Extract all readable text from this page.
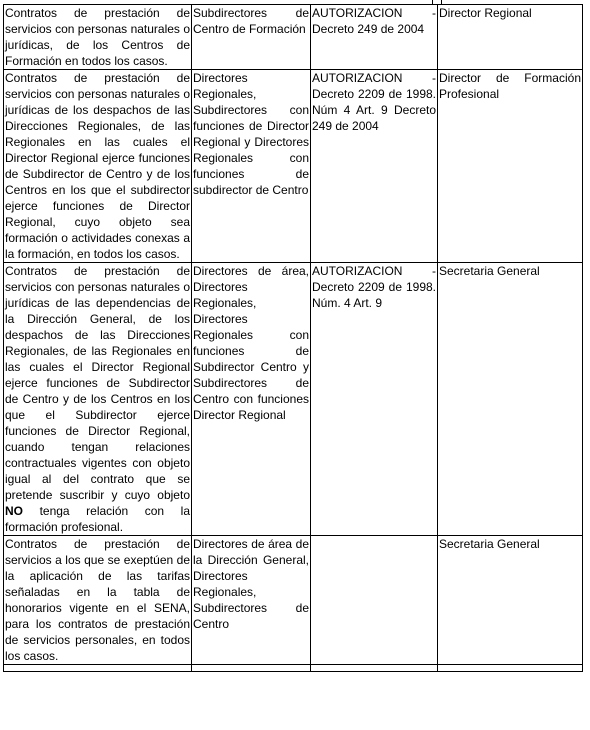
Contratos de prestación de servicios con personas naturales o jurídicas, de los Centros de Formación en todos los casos.	Subdirectores de Centro de Formación	AUTORIZACION - Decreto 249 de 2004	Director Regional
Contratos de prestación de servicios con personas naturales o jurídicas de los despachos de las Direcciones Regionales, de las Regionales en las cuales el Director Regional ejerce funciones de Subdirector de Centro y de los Centros en los que el subdirector ejerce funciones de Director Regional, cuyo objeto sea formación o actividades conexas a la formación, en todos los casos.	Directores Regionales, Subdirectores con funciones de Director Regional y Directores Regionales con funciones de subdirector de Centro	AUTORIZACION - Decreto 2209 de 1998. Núm 4 Art. 9 Decreto 249 de 2004	Director de Formación Profesional
Contratos de prestación de servicios con personas naturales o jurídicas de las dependencias de la Dirección General, de los despachos de las Direcciones Regionales, de las Regionales en las cuales el Director Regional ejerce funciones de Subdirector de Centro y de los Centros en los que el Subdirector ejerce funciones de Director Regional, cuando tengan relaciones contractuales vigentes con objeto igual al del contrato que se pretende suscribir y cuyo objeto NO tenga relación con la formación profesional.	Directores de área, Directores Regionales, Directores Regionales con funciones de Subdirector Centro y Subdirectores de Centro con funciones Director Regional	AUTORIZACION - Decreto 2209 de 1998. Núm. 4 Art. 9	Secretaria General
Contratos de prestación de servicios a los que se exeptúen de la aplicación de las tarifas señaladas en la tabla de honorarios vigente en el SENA, para los contratos de prestación de servicios personales, en todos los casos.	Directores de área de la Dirección General, Directores Regionales, Subdirectores de Centro		Secretaria General
